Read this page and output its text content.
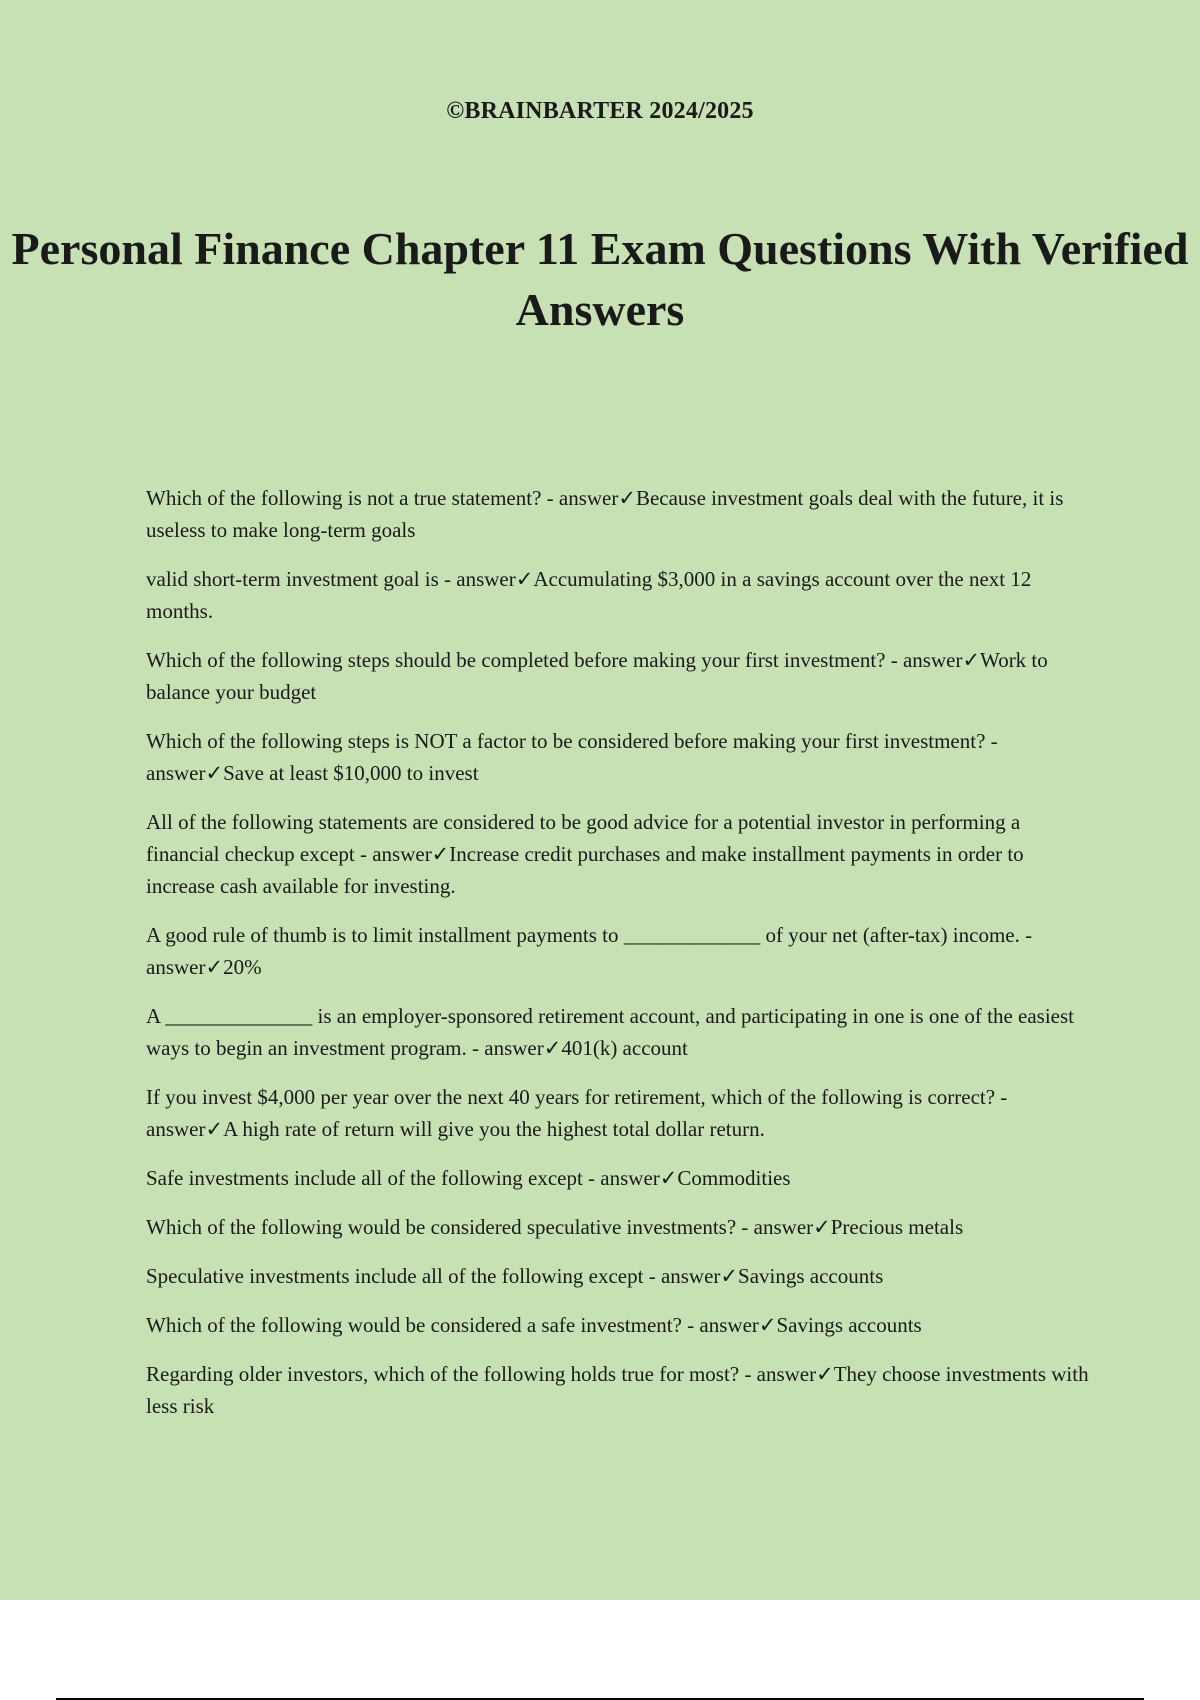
©BRAINBARTER 2024/2025
Personal Finance Chapter 11 Exam Questions With Verified Answers
Which of the following is not a true statement? - answer✓Because investment goals deal with the future, it is useless to make long-term goals
valid short-term investment goal is - answer✓Accumulating $3,000 in a savings account over the next 12 months.
Which of the following steps should be completed before making your first investment? - answer✓Work to balance your budget
Which of the following steps is NOT a factor to be considered before making your first investment? - answer✓Save at least $10,000 to invest
All of the following statements are considered to be good advice for a potential investor in performing a financial checkup except - answer✓Increase credit purchases and make installment payments in order to increase cash available for investing.
A good rule of thumb is to limit installment payments to _____________ of your net (after-tax) income. - answer✓20%
A ______________ is an employer-sponsored retirement account, and participating in one is one of the easiest ways to begin an investment program. - answer✓401(k) account
If you invest $4,000 per year over the next 40 years for retirement, which of the following is correct? - answer✓A high rate of return will give you the highest total dollar return.
Safe investments include all of the following except - answer✓Commodities
Which of the following would be considered speculative investments? - answer✓Precious metals
Speculative investments include all of the following except - answer✓Savings accounts
Which of the following would be considered a safe investment? - answer✓Savings accounts
Regarding older investors, which of the following holds true for most? - answer✓They choose investments with less risk
